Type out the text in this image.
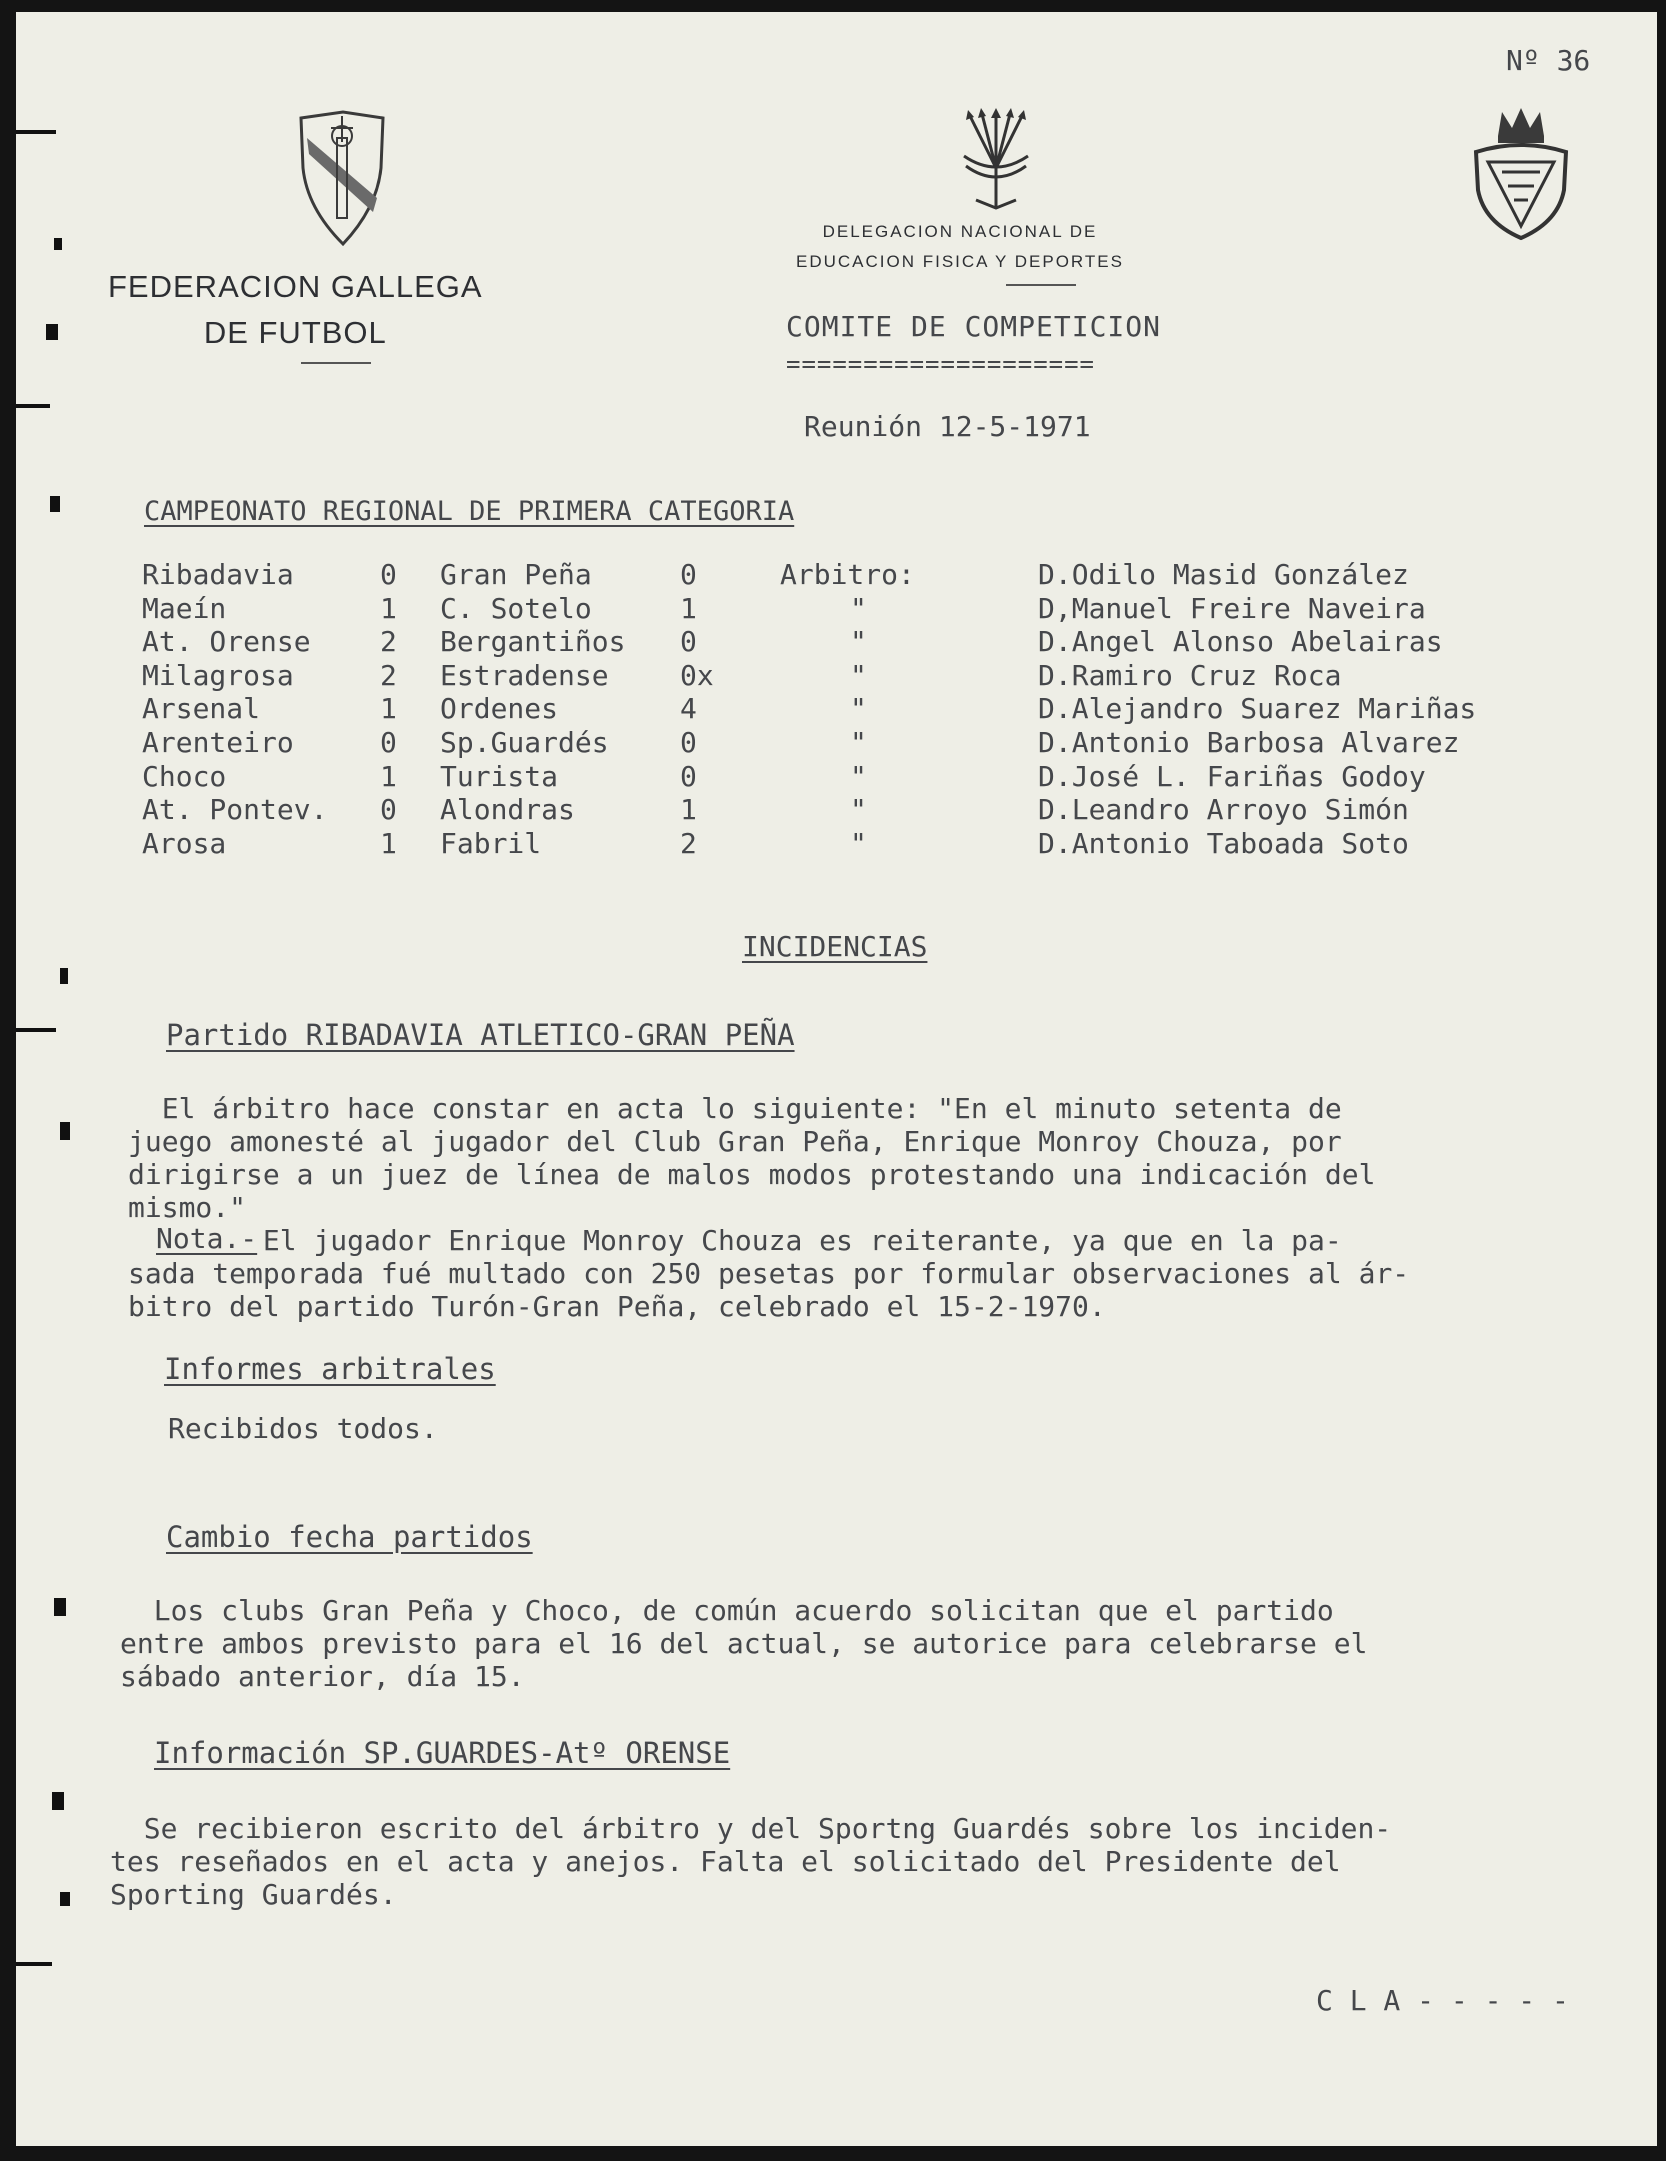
Nº 36
FEDERACION GALLEGA
DE FUTBOL
DELEGACION NACIONAL DE
EDUCACION FISICA Y DEPORTES
COMITE DE COMPETICION
====================
Reunión 12-5-1971
CAMPEONATO REGIONAL DE PRIMERA CATEGORIA
Ribadavia	0	Gran Peña	0	Arbitro:	D.Odilo Masid González
Maeín	1	C. Sotelo	1	"	D,Manuel Freire Naveira
At. Orense	2	Bergantiños	0	"	D.Angel Alonso Abelairas
Milagrosa	2	Estradense	0x	"	D.Ramiro Cruz Roca
Arsenal	1	Ordenes	4	"	D.Alejandro Suarez Mariñas
Arenteiro	0	Sp.Guardés	0	"	D.Antonio Barbosa Alvarez
Choco	1	Turista	0	"	D.José L. Fariñas Godoy
At. Pontev.	0	Alondras	1	"	D.Leandro Arroyo Simón
Arosa	1	Fabril	2	"	D.Antonio Taboada Soto
INCIDENCIAS
Partido RIBADAVIA ATLETICO-GRAN PEÑA
El árbitro hace constar en acta lo siguiente: "En el minuto setenta de
juego amonesté al jugador del Club Gran Peña, Enrique Monroy Chouza, por
dirigirse a un juez de línea de malos modos protestando una indicación del
mismo."
Nota.- El jugador Enrique Monroy Chouza es reiterante, ya que en la pa-
sada temporada fué multado con 250 pesetas por formular observaciones al ár-
bitro del partido Turón-Gran Peña, celebrado el 15-2-1970.
Informes arbitrales
Recibidos todos.
Cambio fecha partidos
Los clubs Gran Peña y Choco, de común acuerdo solicitan que el partido
entre ambos previsto para el 16 del actual, se autorice para celebrarse el
sábado anterior, día 15.
Información SP.GUARDES-Atº ORENSE
Se recibieron escrito del árbitro y del Sportng Guardés sobre los inciden-
tes reseñados en el acta y anejos. Falta el solicitado del Presidente del
Sporting Guardés.
C L A - - - - -
